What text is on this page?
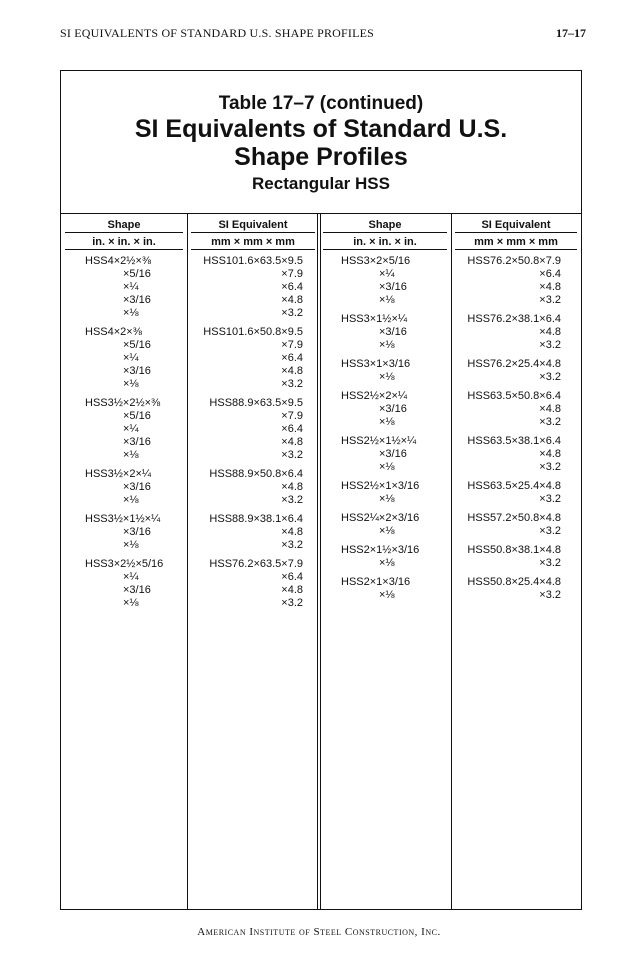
SI EQUIVALENTS OF STANDARD U.S. SHAPE PROFILES	17–17
Table 17–7 (continued)
SI Equivalents of Standard U.S.
Shape Profiles
Rectangular HSS
Shape
in. × in. × in.
SI Equivalent
mm × mm × mm
Shape
in. × in. × in.
SI Equivalent
mm × mm × mm
HSS4×2½×⅜
×5/16
×¼
×3/16
×⅛
HSS4×2×⅜
×5/16
×¼
×3/16
×⅛
HSS3½×2½×⅜
×5/16
×¼
×3/16
×⅛
HSS3½×2×¼
×3/16
×⅛
HSS3½×1½×¼
×3/16
×⅛
HSS3×2½×5/16
×¼
×3/16
×⅛
HSS101.6×63.5×9.5
×7.9
×6.4
×4.8
×3.2
HSS101.6×50.8×9.5
×7.9
×6.4
×4.8
×3.2
HSS88.9×63.5×9.5
×7.9
×6.4
×4.8
×3.2
HSS88.9×50.8×6.4
×4.8
×3.2
HSS88.9×38.1×6.4
×4.8
×3.2
HSS76.2×63.5×7.9
×6.4
×4.8
×3.2
HSS3×2×5/16
×¼
×3/16
×⅛
HSS3×1½×¼
×3/16
×⅛
HSS3×1×3/16
×⅛
HSS2½×2×¼
×3/16
×⅛
HSS2½×1½×¼
×3/16
×⅛
HSS2½×1×3/16
×⅛
HSS2¼×2×3/16
×⅛
HSS2×1½×3/16
×⅛
HSS2×1×3/16
×⅛
HSS76.2×50.8×7.9
×6.4
×4.8
×3.2
HSS76.2×38.1×6.4
×4.8
×3.2
HSS76.2×25.4×4.8
×3.2
HSS63.5×50.8×6.4
×4.8
×3.2
HSS63.5×38.1×6.4
×4.8
×3.2
HSS63.5×25.4×4.8
×3.2
HSS57.2×50.8×4.8
×3.2
HSS50.8×38.1×4.8
×3.2
HSS50.8×25.4×4.8
×3.2
American Institute of Steel Construction, Inc.
